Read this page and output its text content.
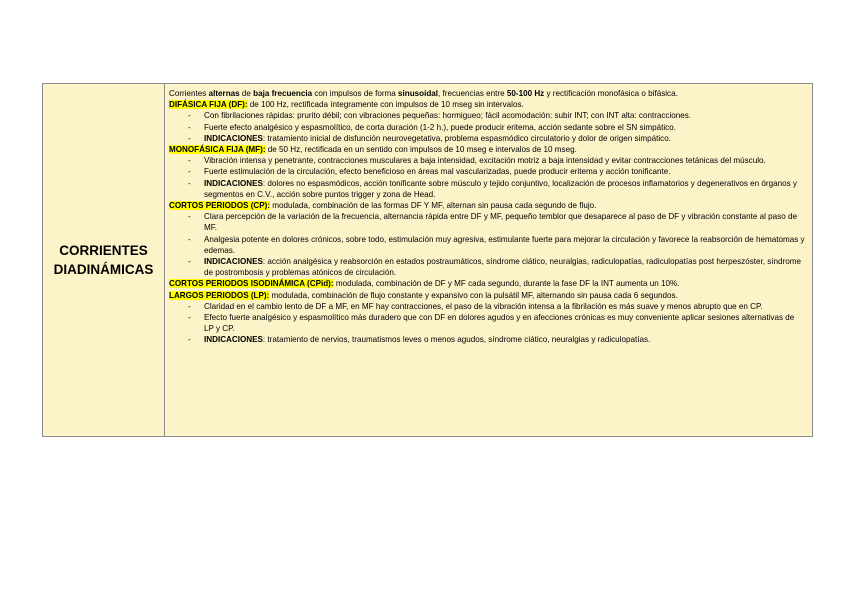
CORRIENTES DIADINÁMICAS

Corrientes alternas de baja frecuencia con impulsos de forma sinusoidal, frecuencias entre 50-100 Hz y rectificación monofásica o bifásica.

DIFÁSICA FIJA (DF): de 100 Hz, rectificada íntegramente con impulsos de 10 mseg sin intervalos.

- Con fibrilaciones rápidas: prurito débil; con vibraciones pequeñas: hormigueo; fácil acomodación: subir INT; con INT alta: contracciones.
- Fuerte efecto analgésico y espasmolítico, de corta duración (1-2 h.), puede producir eritema, acción sedante sobre el SN simpático.
- INDICACIONES: tratamiento inicial de disfunción neurovegetativa, problema espasmódico circulatorio y dolor de origen simpático.

MONOFÁSICA FIJA (MF): de 50 Hz, rectificada en un sentido con impulsos de 10 mseg e intervalos de 10 mseg.

- Vibración intensa y penetrante, contracciones musculares a baja intensidad, excitación motriz a baja intensidad y evitar contracciones tetánicas del músculo.
- Fuerte estimulación de la circulación, efecto beneficioso en áreas mal vascularizadas, puede producir eritema y acción tonificante.
- INDICACIONES: dolores no espasmódicos, acción tonificante sobre músculo y tejido conjuntivo, localización de procesos inflamatorios y degenerativos en órganos y segmentos en C.V., acción sobre puntos trigger y zona de Head.

CORTOS PERIODOS (CP): modulada, combinación de las formas DF Y MF, alternan sin pausa cada segundo de flujo.

- Clara percepción de la variación de la frecuencia, alternancia rápida entre DF y MF, pequeño temblor que desaparece al paso de DF y vibración constante al paso de MF.
- Analgesia potente en dolores crónicos, sobre todo, estimulación muy agresiva, estimulante fuerte para mejorar la circulación y favorece la reabsorción de hematomas y edemas.
- INDICACIONES: acción analgésica y reabsorción en estados postraumáticos, síndrome ciático, neuralgias, radiculopatías, radiculopatías post herpeszóster, síndrome de postrombosis y problemas atónicos de circulación.

CORTOS PERIODOS ISODINÁMICA (CPid): modulada, combinación de DF y MF cada segundo, durante la fase DF la INT aumenta un 10%.

LARGOS PERIODOS (LP): modulada, combinación de flujo constante y expansivo con la pulsátil MF, alternando sin pausa cada 6 segundos.

- Claridad en el cambio lento de DF a MF, en MF hay contracciones, el paso de la vibración intensa a la fibrilación es más suave y menos abrupto que en CP.
- Efecto fuerte analgésico y espasmolítico más duradero que con DF en dolores agudos y en afecciones crónicas es muy conveniente aplicar sesiones alternativas de LP y CP.
- INDICACIONES: tratamiento de nervios, traumatismos leves o menos agudos, síndrome ciático, neuralgias y radiculopatías.
